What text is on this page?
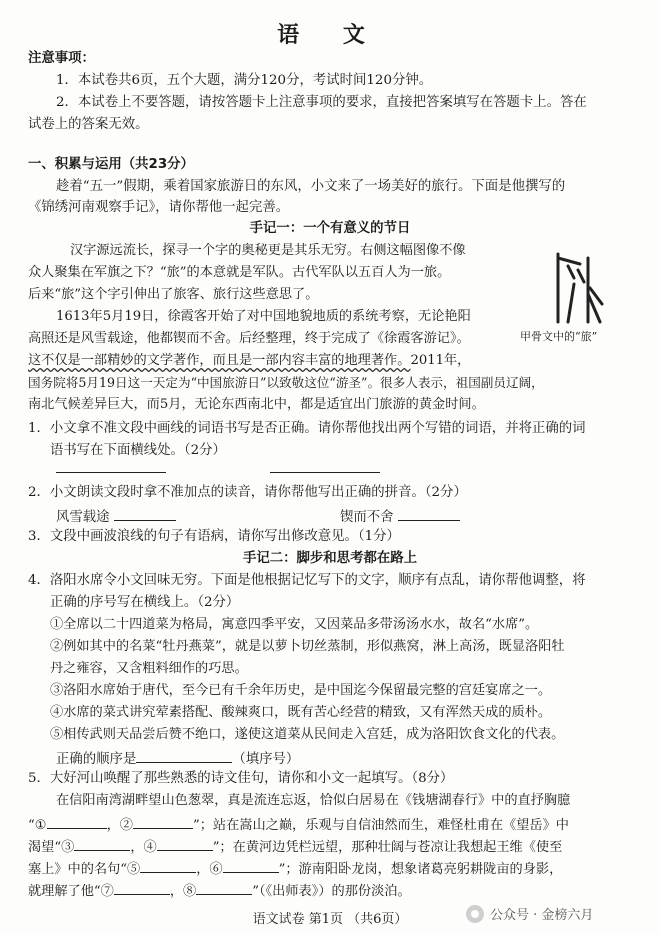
语 文
注意事项：
1．本试卷共6页，五个大题，满分120分，考试时间120分钟。
2．本试卷上不要答题，请按答题卡上注意事项的要求，直接把答案填写在答题卡上。答在
试卷上的答案无效。
一、积累与运用（共23分）
趁着“五一”假期，乘着国家旅游日的东风，小文来了一场美好的旅行。下面是他撰写的
《锦绣河南观察手记》，请你帮他一起完善。
手记一：一个有意义的节日
汉字源远流长，探寻一个字的奥秘更是其乐无穷。右侧这幅图像不像
众人聚集在军旗之下？“旅”的本意就是军队。古代军队以五百人为一旅。
后来“旅”这个字引伸出了旅客、旅行这些意思了。
1613年5月19日，徐霞客开始了对中国地貌地质的系统考察，无论艳阳
高照还是风雪载途，他都锲而不舍。后经整理，终于完成了《徐霞客游记》。
这不仅是一部精妙的文学著作，而且是一部内容丰富的地理著作。2011年，
国务院将5月19日这一天定为“中国旅游日”以致敬这位“游圣”。很多人表示，祖国副员辽阔，
南北气候差异巨大，而5月，无论东西南北中，都是适宜出门旅游的黄金时间。
甲骨文中的“旅”
1．小文拿不准文段中画线的词语书写是否正确。请你帮他找出两个写错的词语，并将正确的词
语书写在下面横线处。（2分）
2．小文朗读文段时拿不准加点的读音，请你帮他写出正确的拼音。（2分）
风雪载途	锲而不舍
3．文段中画波浪线的句子有语病，请你写出修改意见。（1分）
手记二：脚步和思考都在路上
4．洛阳水席令小文回味无穷。下面是他根据记忆写下的文字，顺序有点乱，请你帮他调整，将
正确的序号写在横线上。（2分）
①全席以二十四道菜为格局，寓意四季平安，又因菜品多带汤汤水水，故名“水席”。
②例如其中的名菜“牡丹燕菜”，就是以萝卜切丝蒸制，形似燕窝，淋上高汤，既显洛阳牡
丹之雍容，又含粗料细作的巧思。
③洛阳水席始于唐代，至今已有千余年历史，是中国迄今保留最完整的宫廷宴席之一。
④水席的菜式讲究荤素搭配、酸辣爽口，既有苦心经营的精致，又有浑然天成的质朴。
⑤相传武则天品尝后赞不绝口，遂使这道菜从民间走入宫廷，成为洛阳饮食文化的代表。
正确的顺序是	（填序号）
5．大好河山唤醒了那些熟悉的诗文佳句，请你和小文一起填写。（8分）
在信阳南湾湖畔望山色葱翠，真是流连忘返，恰似白居易在《钱塘湖春行》中的直抒胸臆
“①	，②	”；站在嵩山之巅，乐观与自信油然而生，难怪杜甫在《望岳》中
渴望“③	，④	”；在黄河边凭栏远望，那种壮阔与苍凉让我想起王维《使至
塞上》中的名句“⑤	，⑥	”；游南阳卧龙岗，想象诸葛亮躬耕陇亩的身影，
就理解了他“⑦	，⑧	”（《出师表》）的那份淡泊。
语文试卷 第1页 （共6页）	公众号 · 金榜六月
